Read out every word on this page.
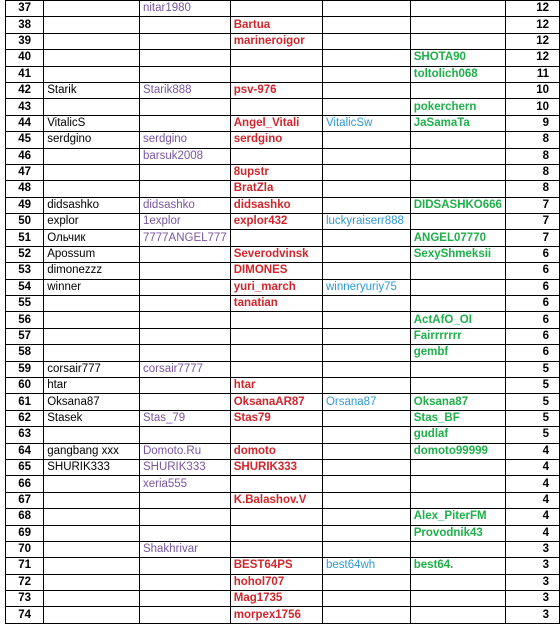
37		nitar1980				12
38			Bartua			12
39			marineroigor			12
40					SHOTA90	12
41					toltolich068	11
42	Starik	Starik888	psv-976			10
43					pokerchern	10
44	VitalicS		Angel_Vitali	VitalicSw	JaSamaTa	9
45	serdgino	serdgino	serdgino			8
46		barsuk2008				8
47			8upstr			8
48			BratZla			8
49	didsashko	didsashko	didsashko		DIDSASHKO666	7
50	explor	1explor	explor432	luckyraiserr888		7
51	Ольчик	7777ANGEL777			ANGEL07770	7
52	Apossum		Severodvinsk		SexyShmeksii	6
53	dimonezzz		DIMONES			6
54	winner		yuri_march	winneryuriy75		6
55			tanatian			6
56					ActAfO_OI	6
57					Fairrrrrrr	6
58					gembf	6
59	corsair777	corsair7777				5
60	htar		htar			5
61	Oksana87		OksanaAR87	Orsana87	Oksana87	5
62	Stasek	Stas_79	Stas79		Stas_BF	5
63					gudlaf	5
64	gangbang xxx	Domoto.Ru	domoto		domoto99999	4
65	SHURIK333	SHURIK333	SHURIK333			4
66		xeria555				4
67			K.Balashov.V			4
68					Alex_PiterFM	4
69					Provodnik43	4
70		Shakhrivar				3
71			BEST64PS	best64wh	best64.	3
72			hohol707			3
73			Mag1735			3
74			morpex1756			3
